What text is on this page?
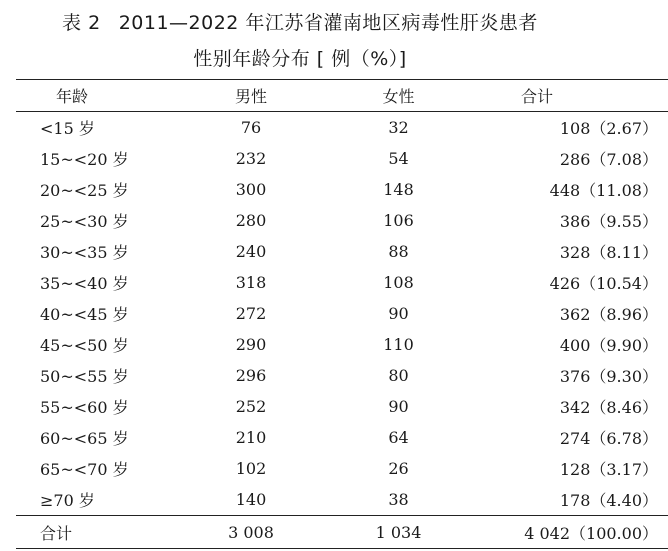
表 2 2011—2022 年江苏省灌南地区病毒性肝炎患者
性别年龄分布 [ 例（%）]
年龄	男性	女性	合计
<15 岁	76	32	108（2.67）
15~<20 岁	232	54	286（7.08）
20~<25 岁	300	148	448（11.08）
25~<30 岁	280	106	386（9.55）
30~<35 岁	240	88	328（8.11）
35~<40 岁	318	108	426（10.54）
40~<45 岁	272	90	362（8.96）
45~<50 岁	290	110	400（9.90）
50~<55 岁	296	80	376（9.30）
55~<60 岁	252	90	342（8.46）
60~<65 岁	210	64	274（6.78）
65~<70 岁	102	26	128（3.17）
≥70 岁	140	38	178（4.40）
合计	3 008	1 034	4 042（100.00）
